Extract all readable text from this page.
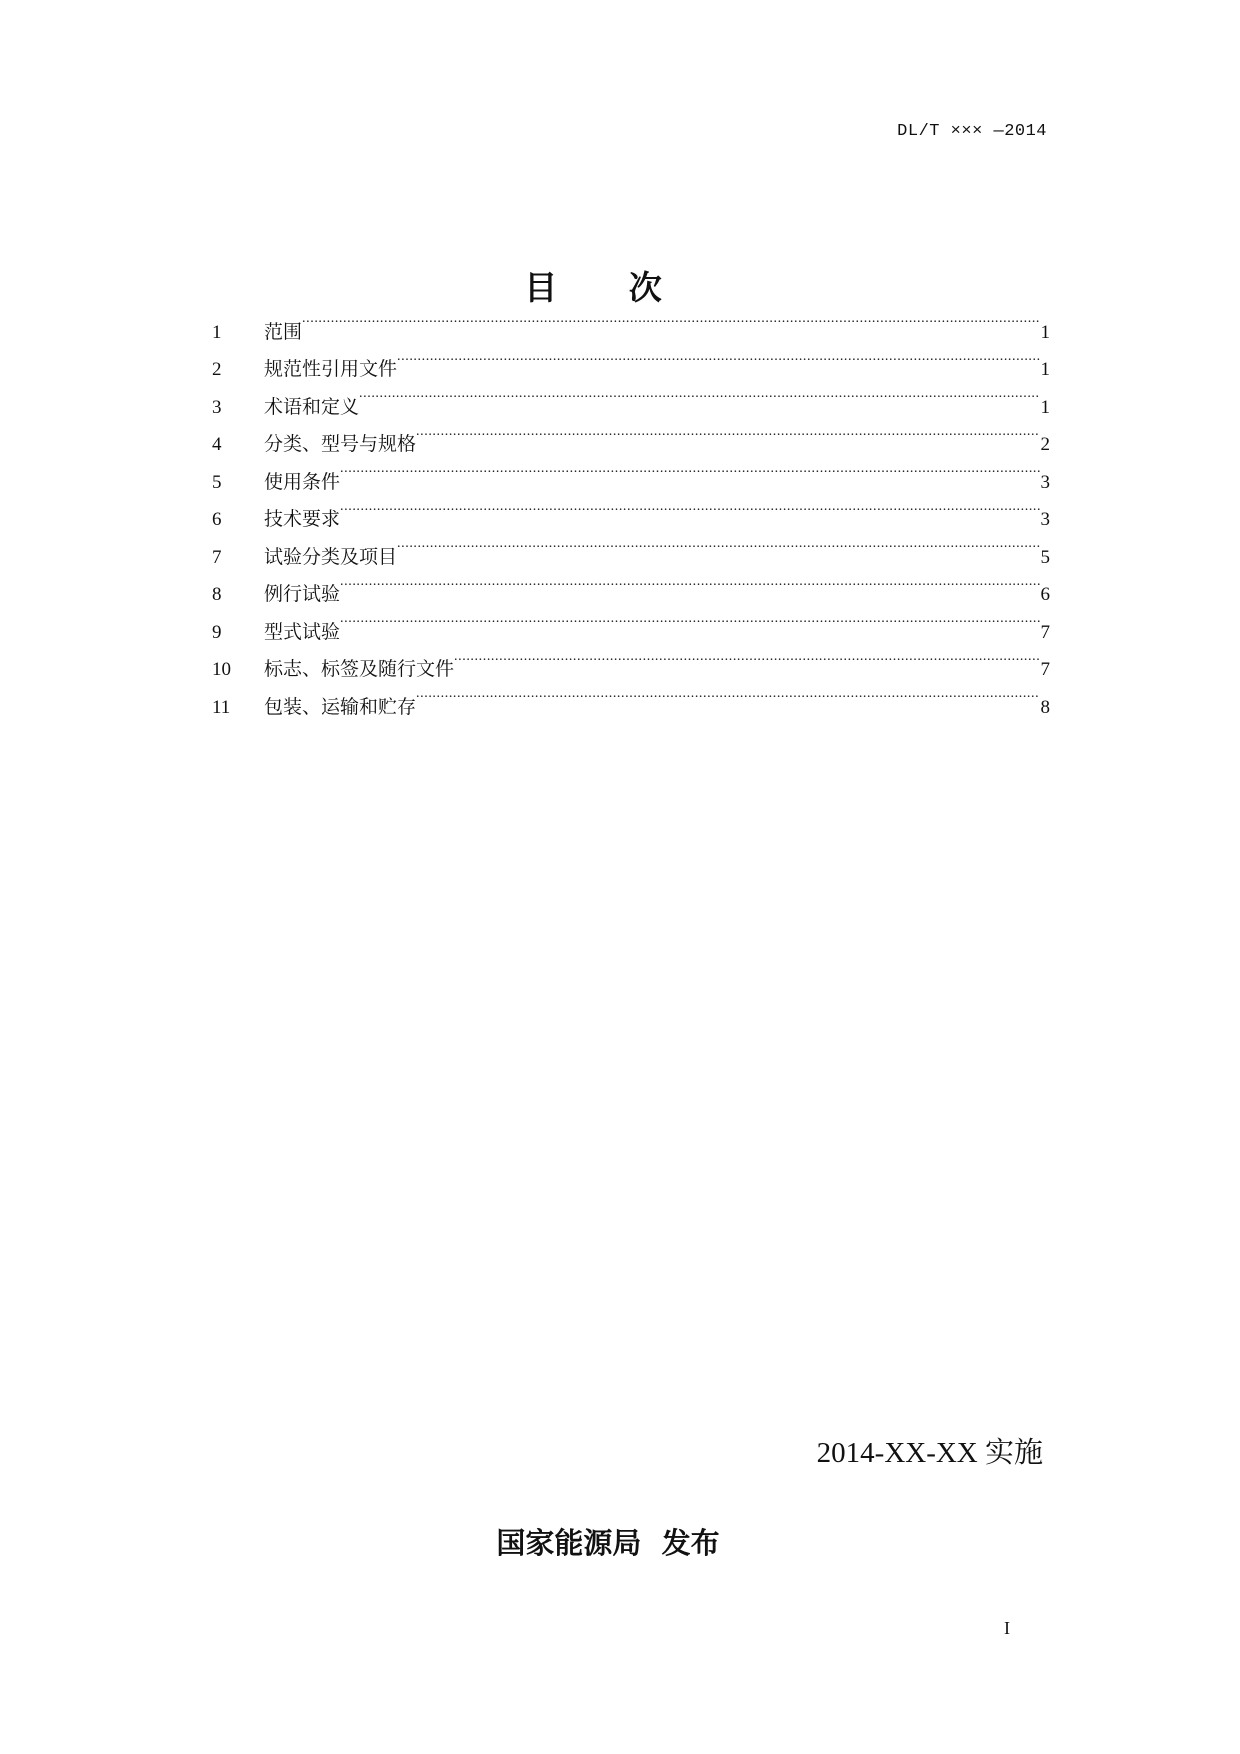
DL/T ××× —2014
目 次
1	范围 .....	1
2	规范性引用文件 .....	1
3	术语和定义 .....	1
4	分类、型号与规格 .....	2
5	使用条件 .....	3
6	技术要求 .....	3
7	试验分类及项目 .....	5
8	例行试验 .....	6
9	型式试验 .....	7
10	标志、标签及随行文件 .....	7
11	包装、运输和贮存 .....	8
2014-XX-XX 实施
国家能源局  发布
I
